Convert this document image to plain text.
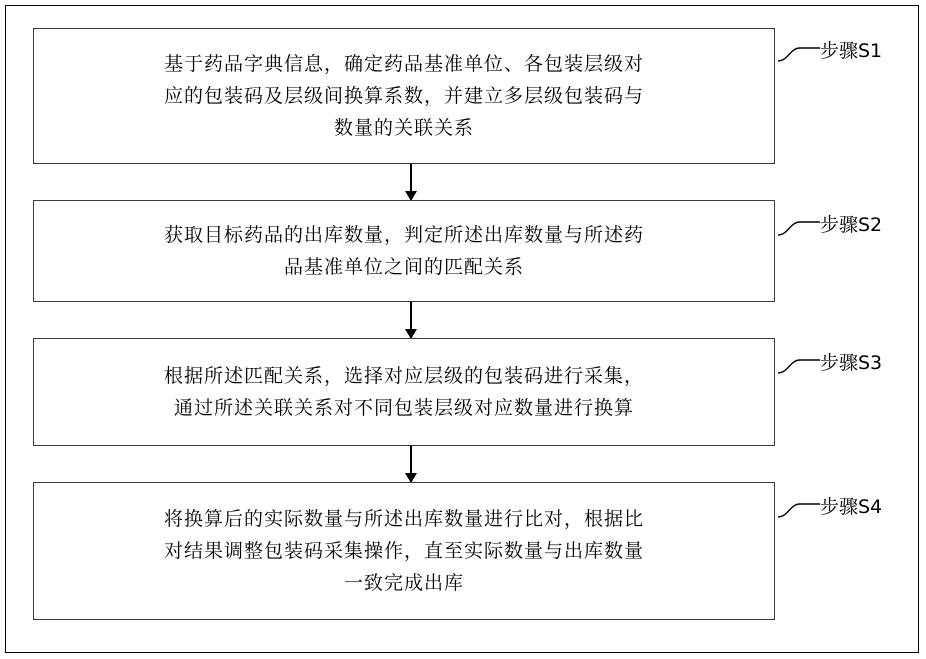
基于药品字典信息，确定药品基准单位、各包装层级对
应的包装码及层级间换算系数，并建立多层级包装码与
数量的关联关系
步骤S1
获取目标药品的出库数量，判定所述出库数量与所述药
品基准单位之间的匹配关系
步骤S2
根据所述匹配关系，选择对应层级的包装码进行采集，
通过所述关联关系对不同包装层级对应数量进行换算
步骤S3
将换算后的实际数量与所述出库数量进行比对，根据比
对结果调整包装码采集操作，直至实际数量与出库数量
一致完成出库
步骤S4
